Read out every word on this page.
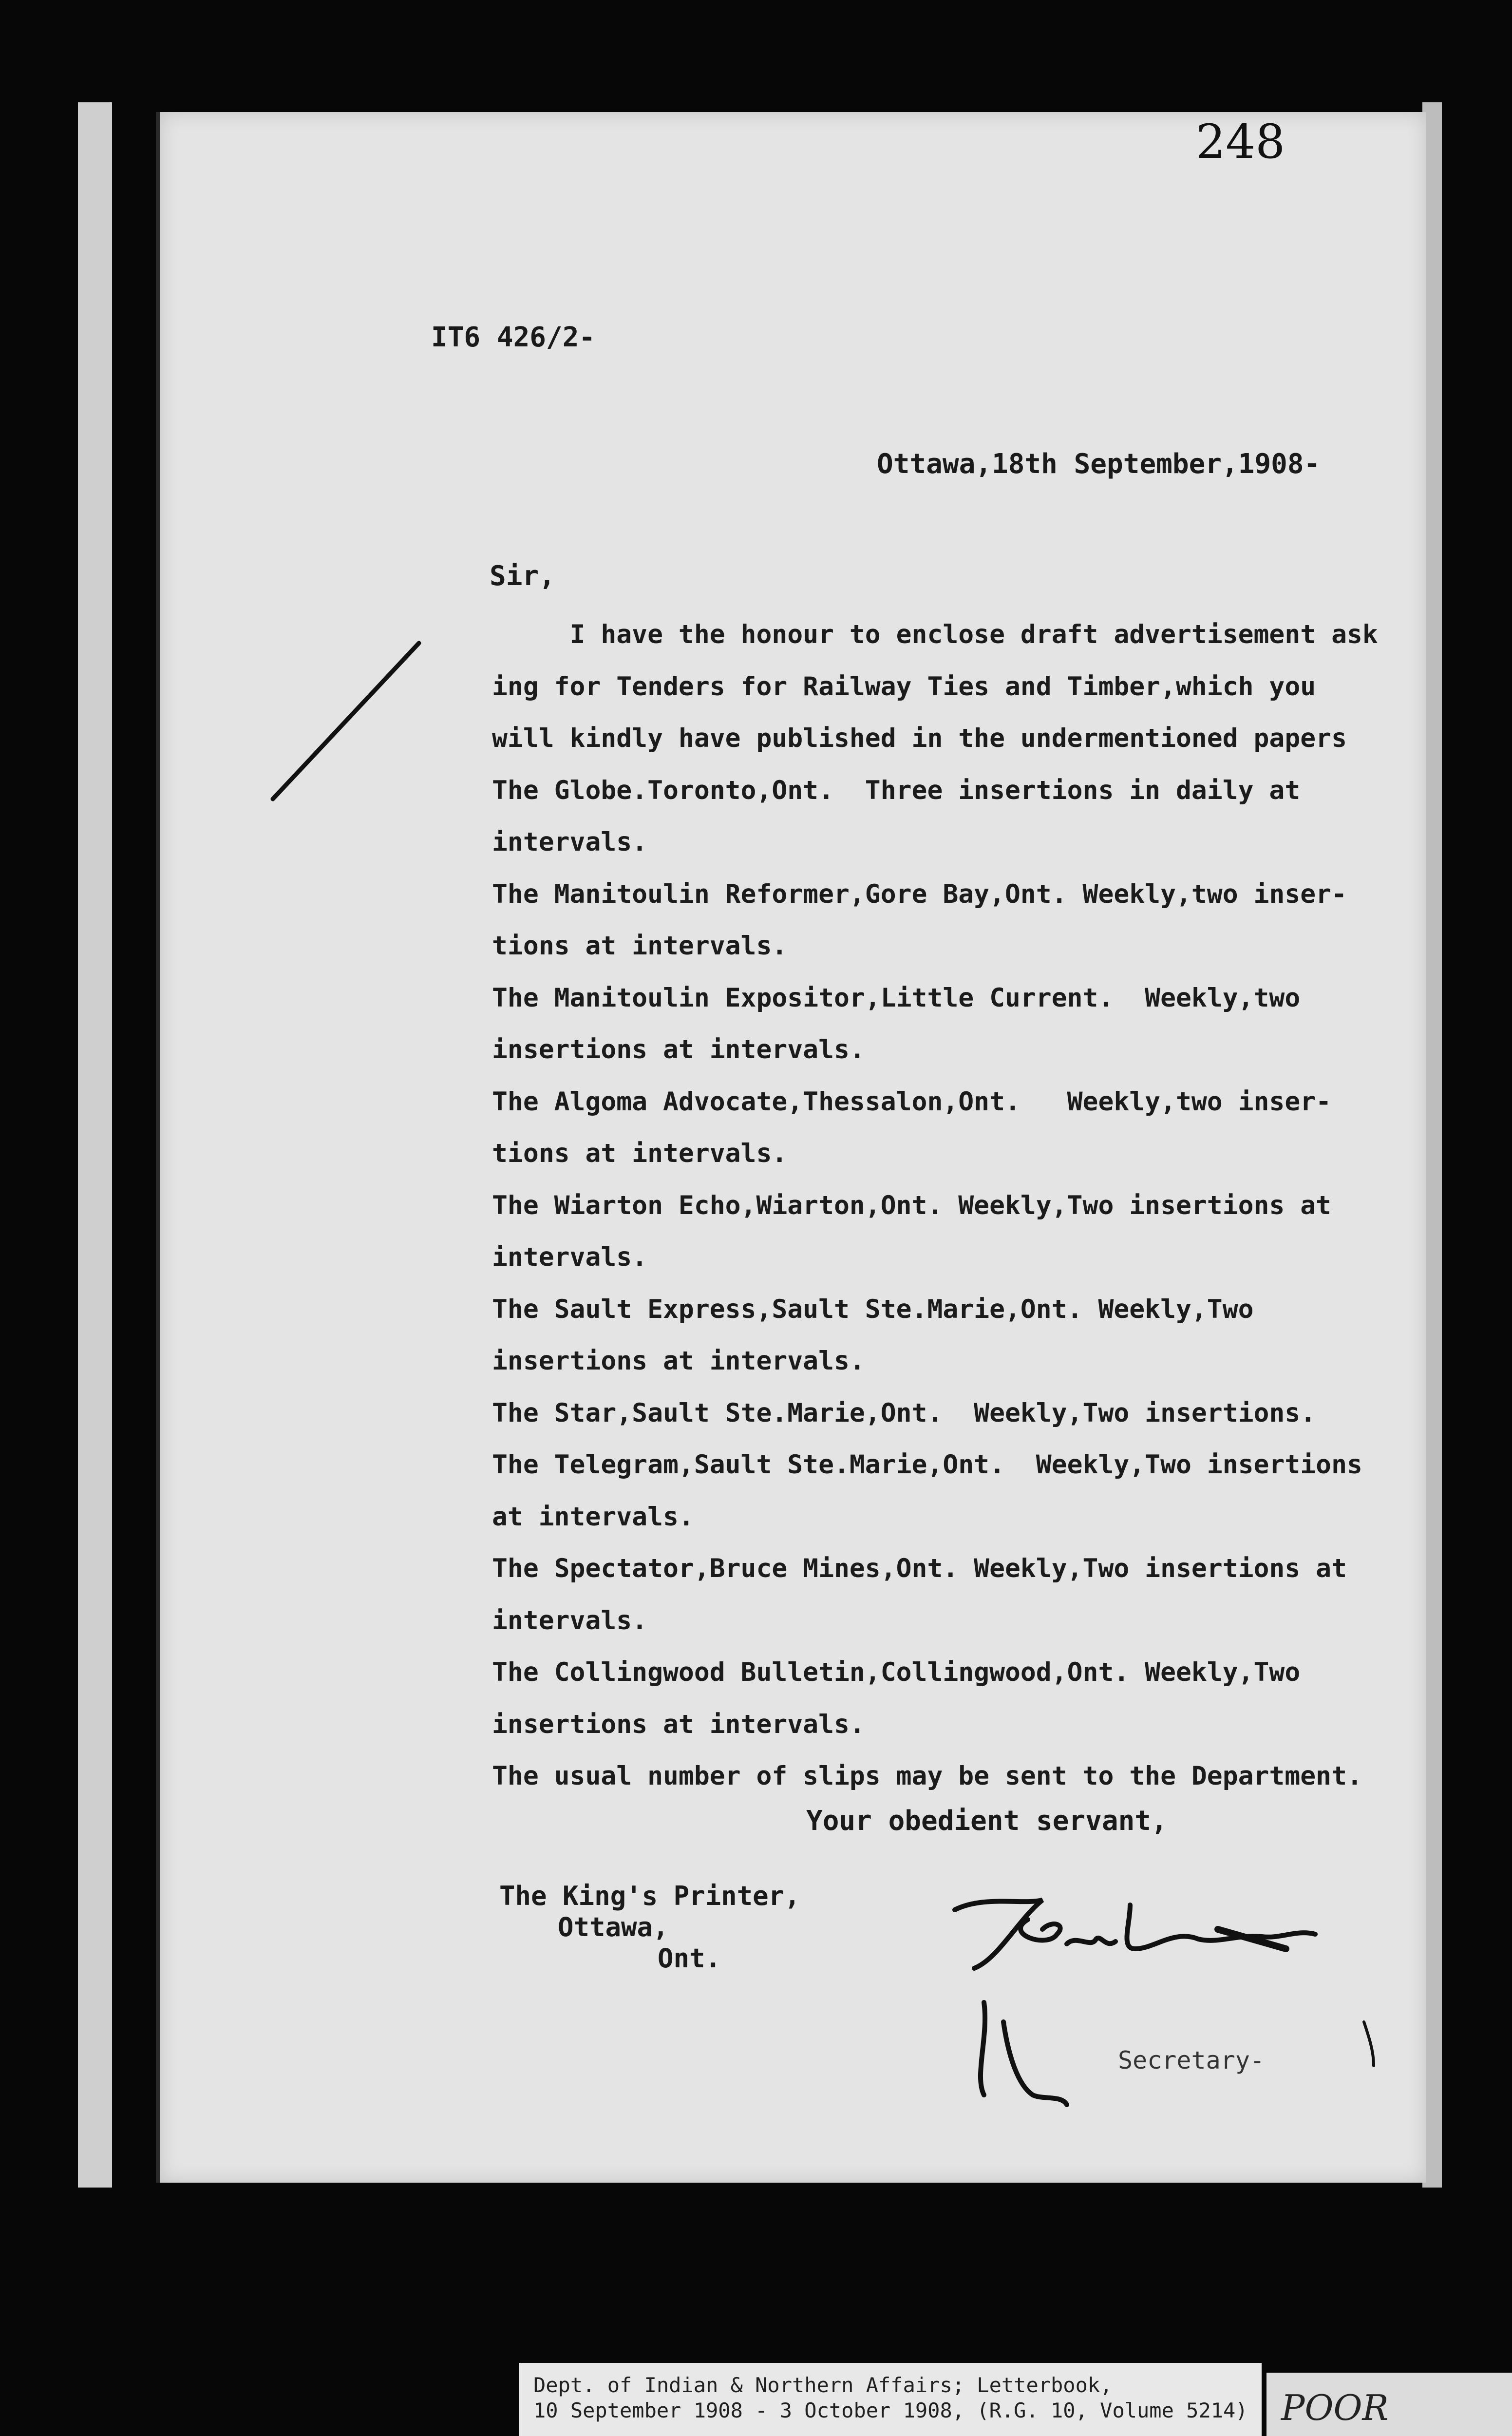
248
IT6 426/2-
Ottawa,18th September,1908-
Sir,
I have the honour to enclose draft advertisement ask
ing for Tenders for Railway Ties and Timber,which you
will kindly have published in the undermentioned papers
The Globe.Toronto,Ont.  Three insertions in daily at
intervals.
The Manitoulin Reformer,Gore Bay,Ont. Weekly,two inser-
tions at intervals.
The Manitoulin Expositor,Little Current.  Weekly,two
insertions at intervals.
The Algoma Advocate,Thessalon,Ont.   Weekly,two inser-
tions at intervals.
The Wiarton Echo,Wiarton,Ont. Weekly,Two insertions at
intervals.
The Sault Express,Sault Ste.Marie,Ont. Weekly,Two
insertions at intervals.
The Star,Sault Ste.Marie,Ont.  Weekly,Two insertions.
The Telegram,Sault Ste.Marie,Ont.  Weekly,Two insertions
at intervals.
The Spectator,Bruce Mines,Ont. Weekly,Two insertions at
intervals.
The Collingwood Bulletin,Collingwood,Ont. Weekly,Two
insertions at intervals.
The usual number of slips may be sent to the Department.
Your obedient servant,
The King's Printer,
Ottawa,
Ont.
Secretary-
Dept. of Indian & Northern Affairs; Letterbook,
10 September 1908 - 3 October 1908, (R.G. 10, Volume 5214) POOR
